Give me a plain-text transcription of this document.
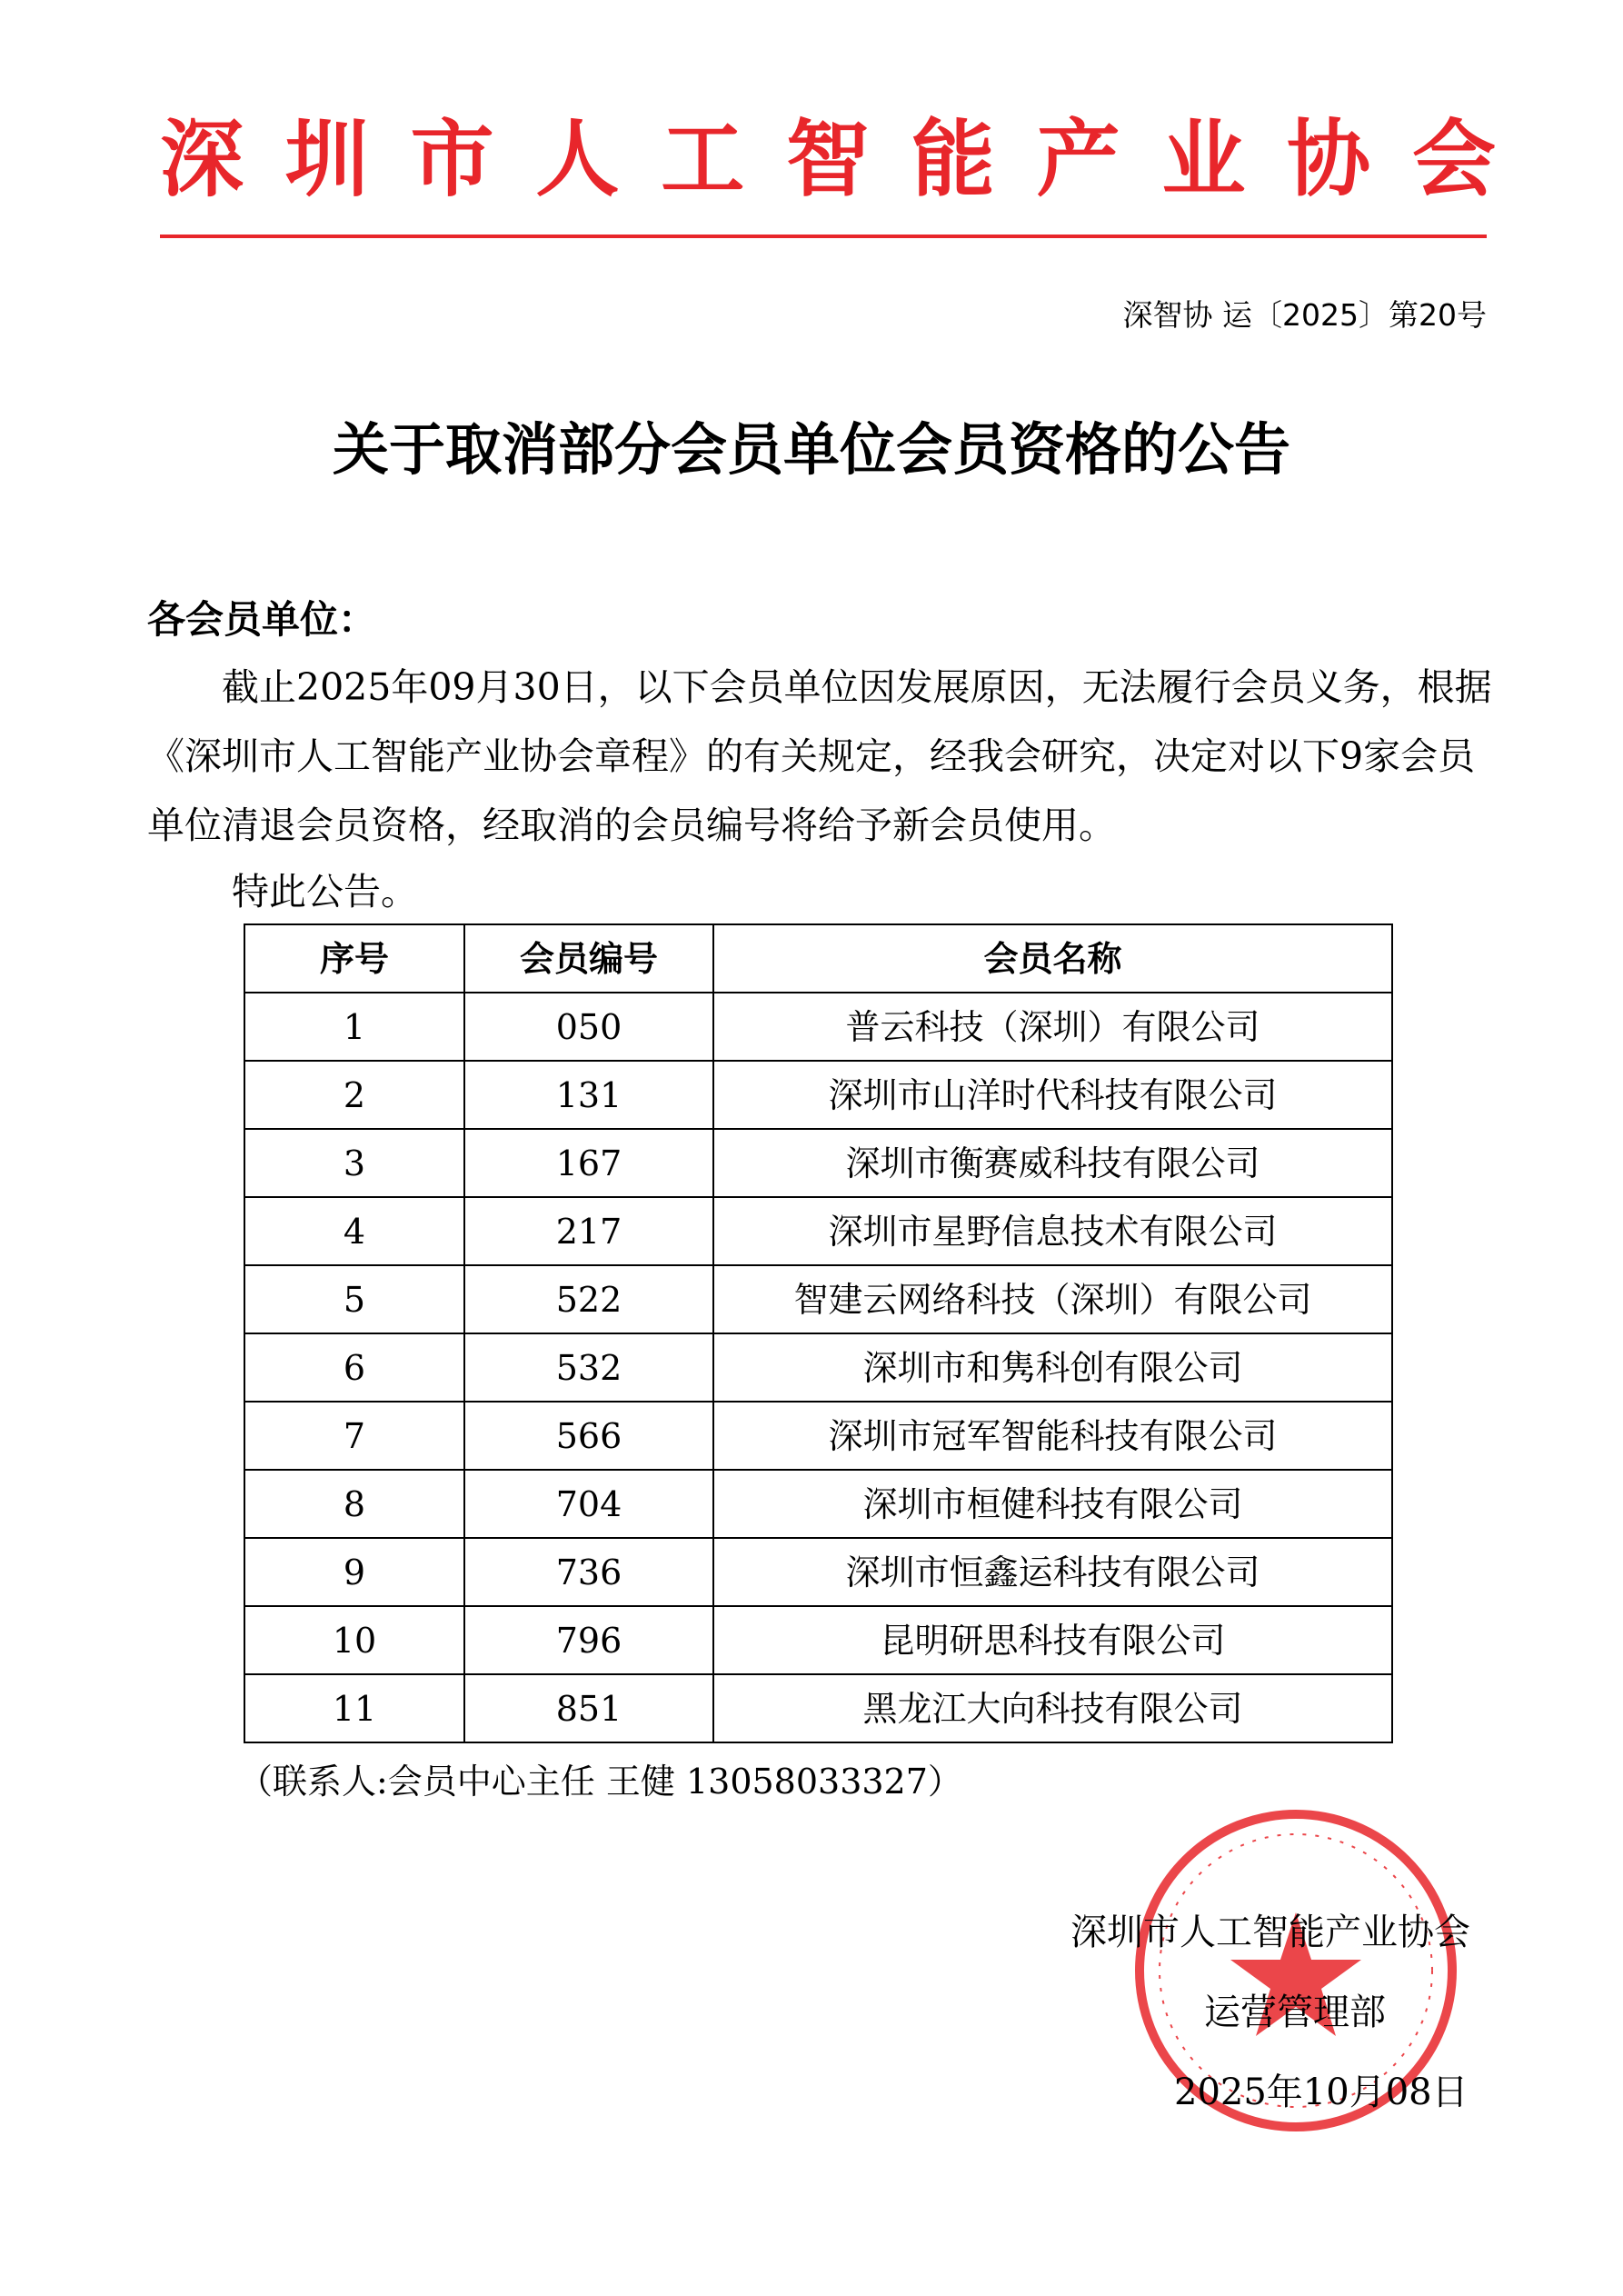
深 圳 市 人 工 智 能 产 业 协 会
深智协 运〔2025〕第20号
关于取消部分会员单位会员资格的公告
各会员单位：

截止2025年09月30日，以下会员单位因发展原因，无法履行会员义务，根据《深圳市人工智能产业协会章程》的有关规定，经我会研究，决定对以下9家会员单位清退会员资格，经取消的会员编号将给予新会员使用。

特此公告。
序号	会员编号	会员名称
1	050	普云科技（深圳）有限公司
2	131	深圳市山洋时代科技有限公司
3	167	深圳市衡赛威科技有限公司
4	217	深圳市星野信息技术有限公司
5	522	智建云网络科技（深圳）有限公司
6	532	深圳市和隽科创有限公司
7	566	深圳市冠军智能科技有限公司
8	704	深圳市桓健科技有限公司
9	736	深圳市恒鑫运科技有限公司
10	796	昆明研思科技有限公司
11	851	黑龙江大向科技有限公司
（联系人:会员中心主任 王健 13058033327）
深圳市人工智能产业协会
运营管理部
2025年10月08日
